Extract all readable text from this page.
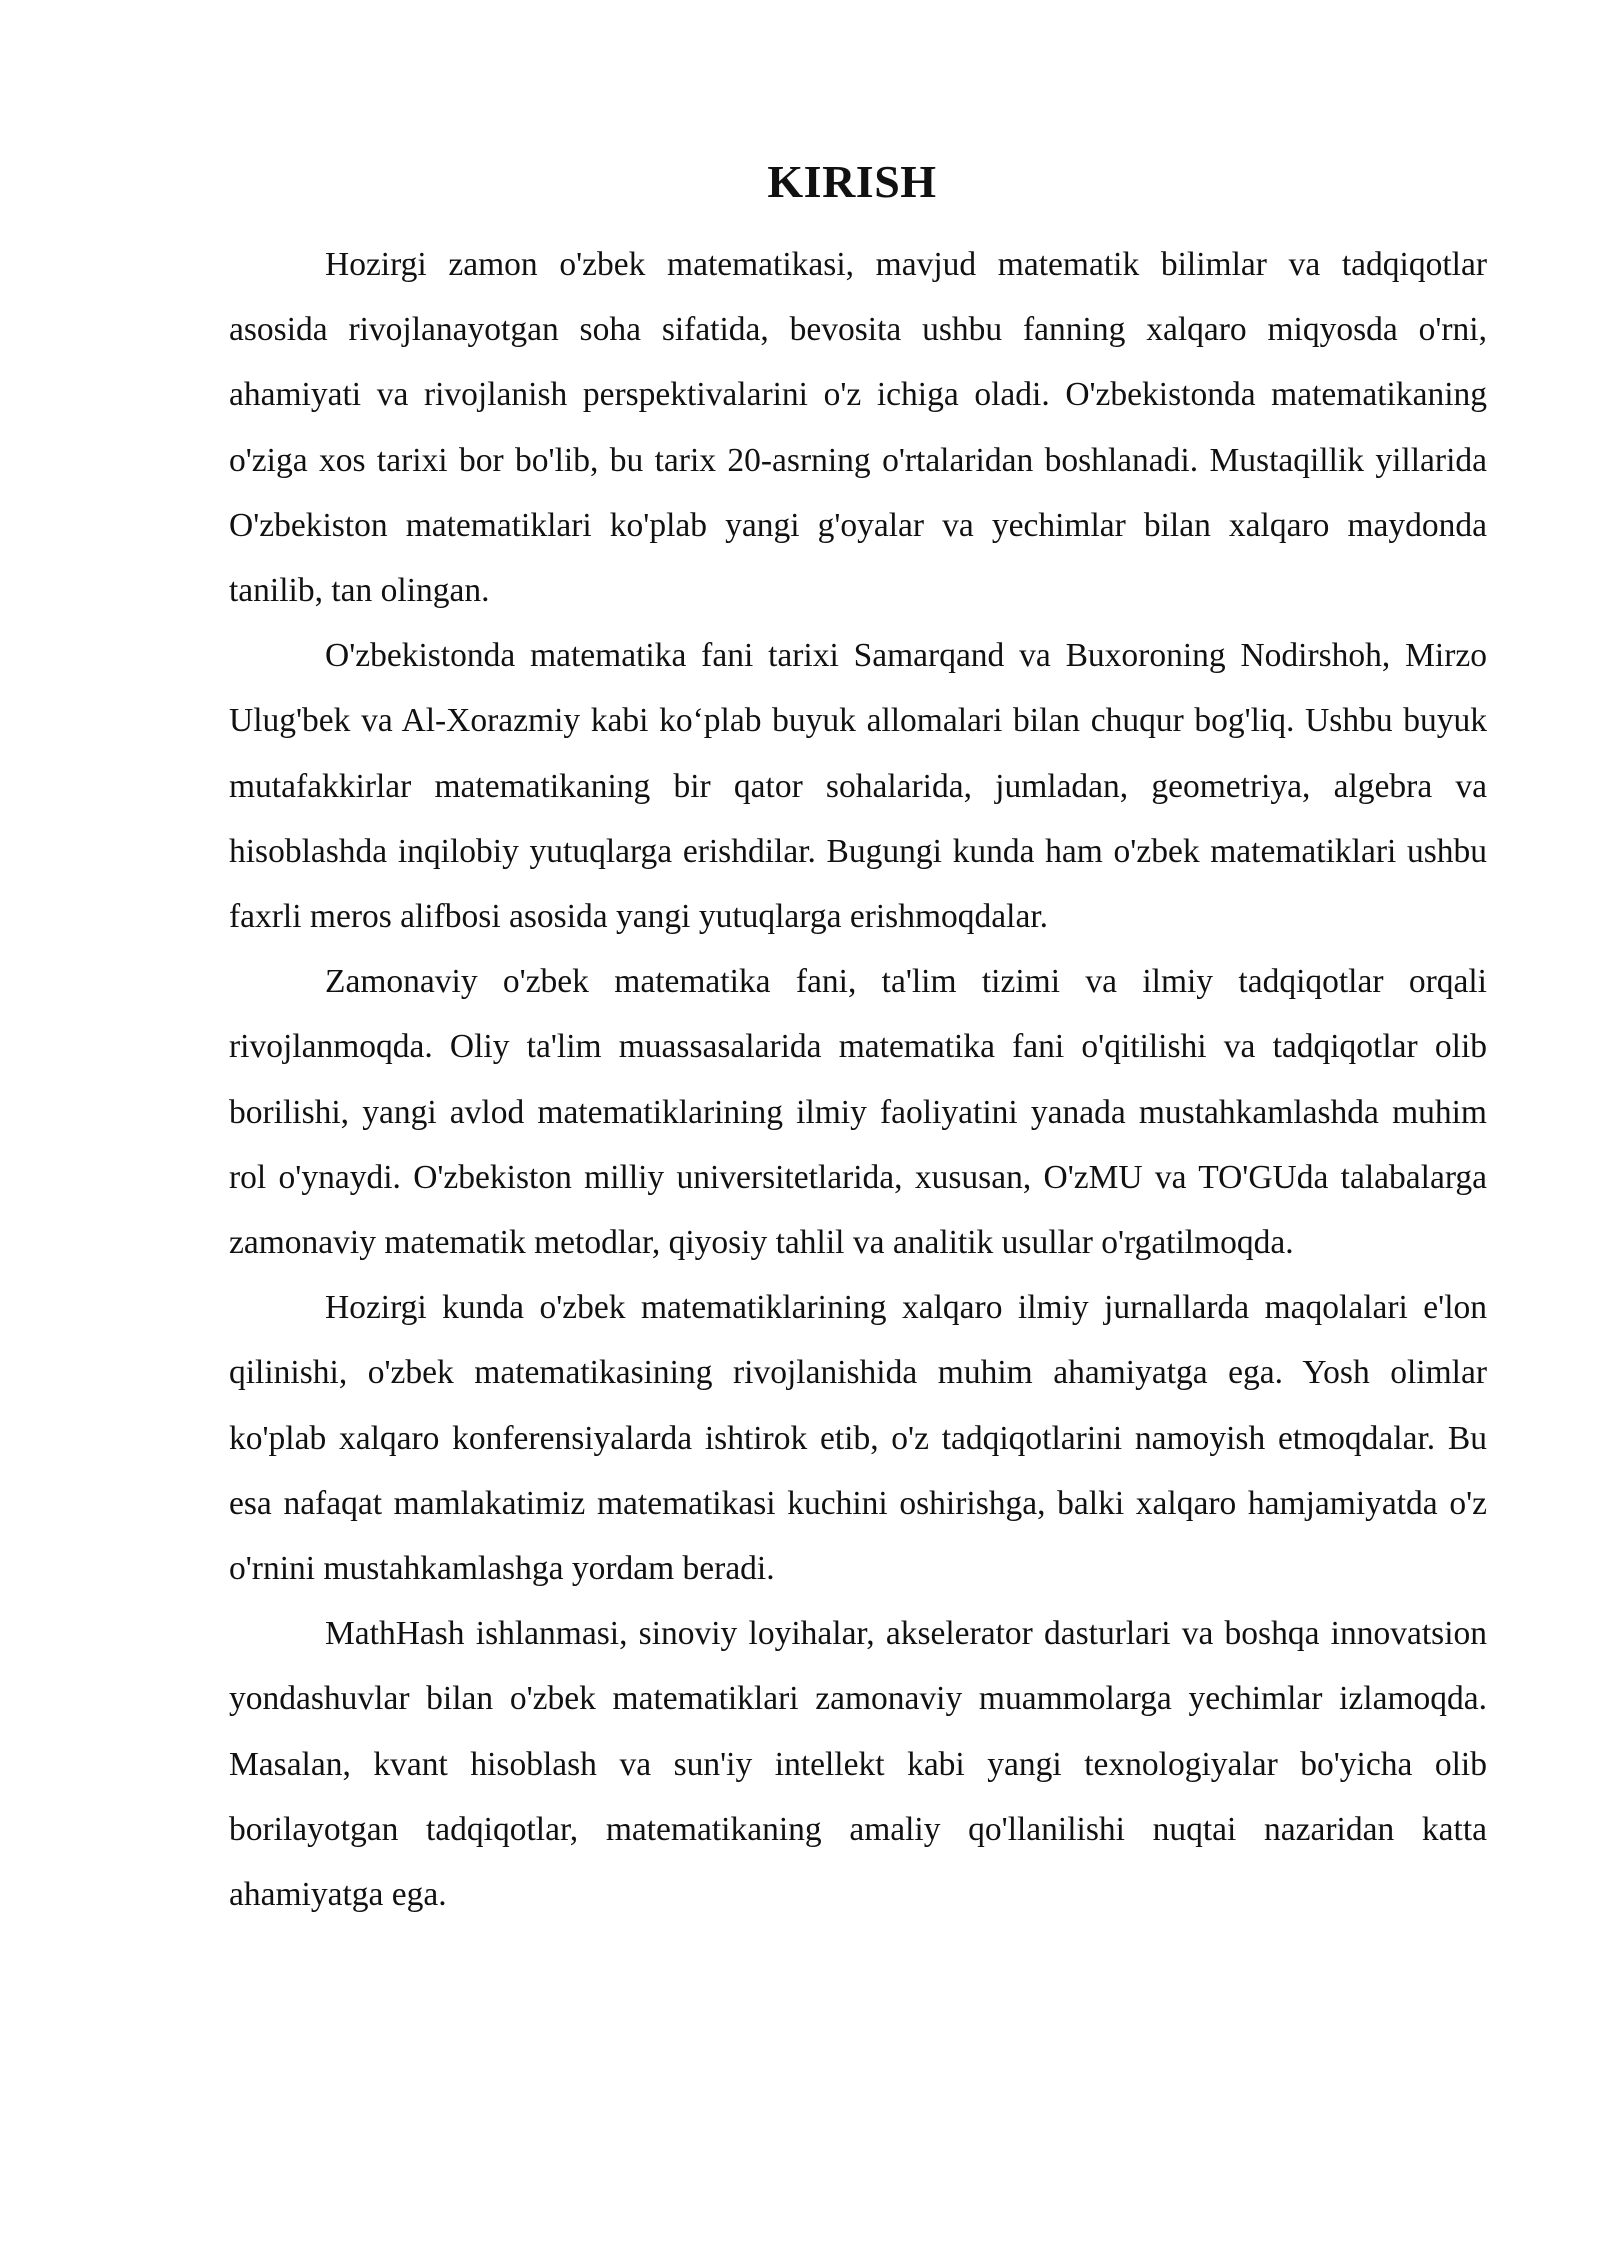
KIRISH

Hozirgi zamon o'zbek matematikasi, mavjud matematik bilimlar va tadqiqotlar asosida rivojlanayotgan soha sifatida, bevosita ushbu fanning xalqaro miqyosda o'rni, ahamiyati va rivojlanish perspektivalarini o'z ichiga oladi. O'zbekistonda matematikaning o'ziga xos tarixi bor bo'lib, bu tarix 20-asrning o'rtalaridan boshlanadi. Mustaqillik yillarida O'zbekiston matematiklari ko'plab yangi g'oyalar va yechimlar bilan xalqaro maydonda tanilib, tan olingan.

O'zbekistonda matematika fani tarixi Samarqand va Buxoroning Nodirshoh, Mirzo Ulug'bek va Al-Xorazmiy kabi ko‘plab buyuk allomalari bilan chuqur bog'liq. Ushbu buyuk mutafakkirlar matematikaning bir qator sohalarida, jumladan, geometriya, algebra va hisoblashda inqilobiy yutuqlarga erishdilar. Bugungi kunda ham o'zbek matematiklari ushbu faxrli meros alifbosi asosida yangi yutuqlarga erishmoqdalar.

Zamonaviy o'zbek matematika fani, ta'lim tizimi va ilmiy tadqiqotlar orqali rivojlanmoqda. Oliy ta'lim muassasalarida matematika fani o'qitilishi va tadqiqotlar olib borilishi, yangi avlod matematiklarining ilmiy faoliyatini yanada mustahkamlashda muhim rol o'ynaydi. O'zbekiston milliy universitetlarida, xususan, O'zMU va TO'GUda talabalarga zamonaviy matematik metodlar, qiyosiy tahlil va analitik usullar o'rgatilmoqda.

Hozirgi kunda o'zbek matematiklarining xalqaro ilmiy jurnallarda maqolalari e'lon qilinishi, o'zbek matematikasining rivojlanishida muhim ahamiyatga ega. Yosh olimlar ko'plab xalqaro konferensiyalarda ishtirok etib, o'z tadqiqotlarini namoyish etmoqdalar. Bu esa nafaqat mamlakatimiz matematikasi kuchini oshirishga, balki xalqaro hamjamiyatda o'z o'rnini mustahkamlashga yordam beradi.

MathHash ishlanmasi, sinoviy loyihalar, akselerator dasturlari va boshqa innovatsion yondashuvlar bilan o'zbek matematiklari zamonaviy muammolarga yechimlar izlamoqda. Masalan, kvant hisoblash va sun'iy intellekt kabi yangi texnologiyalar bo'yicha olib borilayotgan tadqiqotlar, matematikaning amaliy qo'llanilishi nuqtai nazaridan katta ahamiyatga ega.
